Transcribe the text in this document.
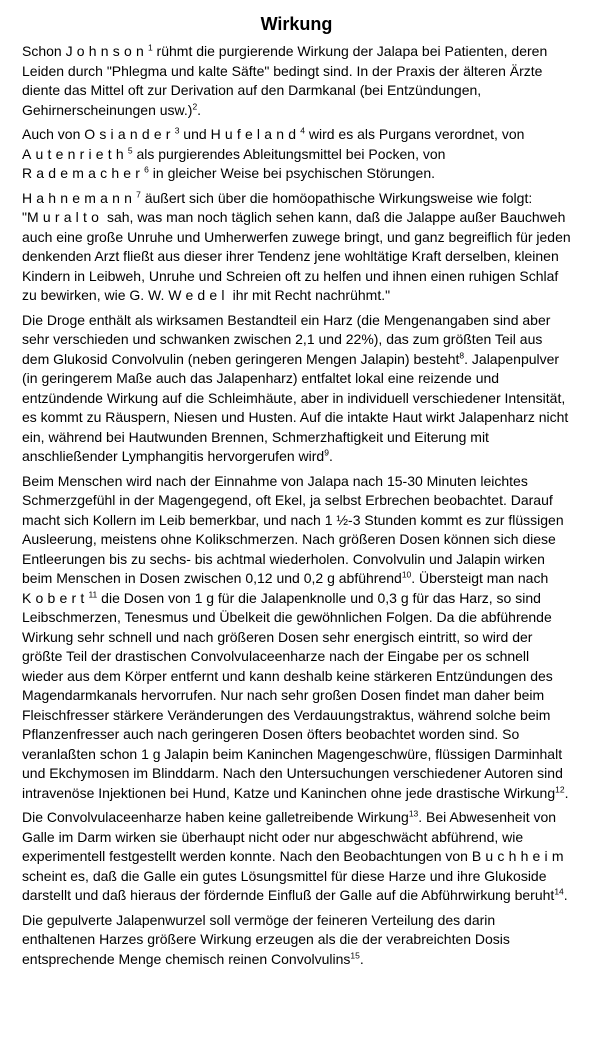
Wirkung

Schon Johnson$^1$ rühmt die purgierende Wirkung der Jalapa bei Patienten, deren Leiden durch "Phlegma und kalte Säfte" bedingt sind. In der Praxis der älteren Ärzte diente das Mittel oft zur Derivation auf den Darmkanal (bei Entzündungen, Gehirnerscheinungen usw.)$^2$.

Auch von Osiander$^3$ und Hufeland$^4$ wird es als Purgans verordnet, von Autenrieth$^5$ als purgierendes Ableitungsmittel bei Pocken, von Rademacher$^6$ in gleicher Weise bei psychischen Störungen.

Hahnemann$^7$ äußert sich über die homöopathische Wirkungsweise wie folgt: "Muralto sah, was man noch täglich sehen kann, daß die Jalappe außer Bauchweh auch eine große Unruhe und Umherwerfen zuwege bringt, und ganz begreiflich für jeden denkenden Arzt fließt aus dieser ihrer Tendenz jene wohltätige Kraft derselben, kleinen Kindern in Leibweh, Unruhe und Schreien oft zu helfen und ihnen einen ruhigen Schlaf zu bewirken, wie G. W. Wedel ihr mit Recht nachrühmt."

Die Droge enthält als wirksamen Bestandteil ein Harz (die Mengenangaben sind aber sehr verschieden und schwanken zwischen 2,1 und 22%), das zum größten Teil aus dem Glukosid Convolvulin (neben geringeren Mengen Jalapin) besteht$^8$. Jalapenpulver (in geringerem Maße auch das Jalapenharz) entfaltet lokal eine reizende und entzündende Wirkung auf die Schleimhäute, aber in individuell verschiedener Intensität, es kommt zu Räuspern, Niesen und Husten. Auf die intakte Haut wirkt Jalapenharz nicht ein, während bei Hautwunden Brennen, Schmerzhaftigkeit und Eiterung mit anschließender Lymphangitis hervorgerufen wird$^9$.

Beim Menschen wird nach der Einnahme von Jalapa nach 15-30 Minuten leichtes Schmerzgefühl in der Magengegend, oft Ekel, ja selbst Erbrechen beobachtet. Darauf macht sich Kollern im Leib bemerkbar, und nach 1 ½-3 Stunden kommt es zur flüssigen Ausleerung, meistens ohne Kolikschmerzen. Nach größeren Dosen können sich diese Entleerungen bis zu sechs- bis achtmal wiederholen. Convolvulin und Jalapin wirken beim Menschen in Dosen zwischen 0,12 und 0,2 g abführend$^{10}$. Übersteigt man nach Kobert$^{11}$ die Dosen von 1 g für die Jalapenknolle und 0,3 g für das Harz, so sind Leibschmerzen, Tenesmus und Übelkeit die gewöhnlichen Folgen. Da die abführende Wirkung sehr schnell und nach größeren Dosen sehr energisch eintritt, so wird der größte Teil der drastischen Convolvulaceenharze nach der Eingabe per os schnell wieder aus dem Körper entfernt und kann deshalb keine stärkeren Entzündungen des Magendarmkanals hervorrufen. Nur nach sehr großen Dosen findet man daher beim Fleischfresser stärkere Veränderungen des Verdauungstraktus, während solche beim Pflanzenfresser auch nach geringeren Dosen öfters beobachtet worden sind. So veranlaßten schon 1 g Jalapin beim Kaninchen Magengeschwüre, flüssigen Darminhalt und Ekchymosen im Blinddarm. Nach den Untersuchungen verschiedener Autoren sind intravenöse Injektionen bei Hund, Katze und Kaninchen ohne jede drastische Wirkung$^{12}$.

Die Convolvulaceenharze haben keine galletreibende Wirkung$^{13}$. Bei Abwesenheit von Galle im Darm wirken sie überhaupt nicht oder nur abgeschwächt abführend, wie experimentell festgestellt werden konnte. Nach den Beobachtungen von Buchheim scheint es, daß die Galle ein gutes Lösungsmittel für diese Harze und ihre Glukoside darstellt und daß hieraus der fördernde Einfluß der Galle auf die Abführwirkung beruht$^{14}$.

Die gepulverte Jalapenwurzel soll vermöge der feineren Verteilung des darin enthaltenen Harzes größere Wirkung erzeugen als die der verabreichten Dosis entsprechende Menge chemisch reinen Convolvulins$^{15}$.
